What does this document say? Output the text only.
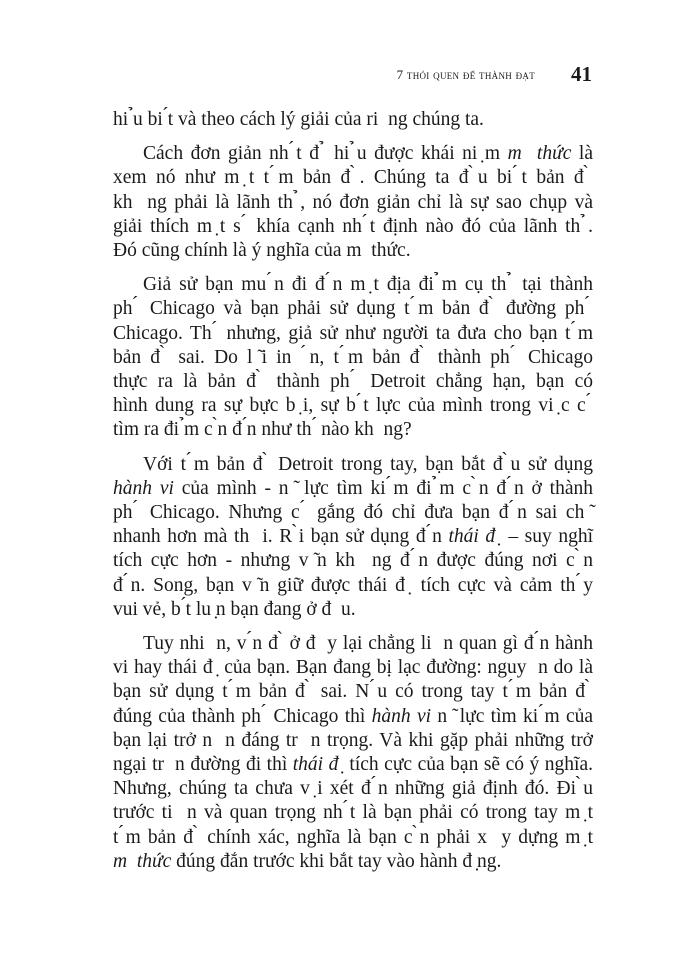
7 thói quen để thành đạt 41
hi ̉u bi ́t và theo cách lý giải của ri  ng chúng ta.
Cách đơn giản nh ́t đ ̉ hi ̉u được khái ni ̣m m  thức là
xem nó như m ̣t t ́m bản đ ̀. Chúng ta đ ̀u bi ́t bản đ ̀
kh  ng phải là lãnh th ̉, nó đơn giản chỉ là sự sao chụp và
giải thích m ̣t s ́ khía cạnh nh ́t định nào đó của lãnh th ̉.
Đó cũng chính là ý nghĩa của m  thức.
Giả sử bạn mu ́n đi đ ́n m ̣t địa đi ̉m cụ th ̉ tại thành
ph ́ Chicago và bạn phải sử dụng t ́m bản đ ̀ đường ph ́
Chicago. Th ́ nhưng, giả sử như người ta đưa cho bạn t ́m
bản đ ̀ sai. Do l ̃i in  ́n, t ́m bản đ ̀ thành ph ́ Chicago
thực ra là bản đ ̀ thành ph ́ Detroit chẳng hạn, bạn có
hình dung ra sự bực b ̣i, sự b ́t lực của mình trong vi ̣c c ́
tìm ra đi ̉m c ̀n đ ́n như th ́ nào kh  ng?
Với t ́m bản đ ̀ Detroit trong tay, bạn bắt đ ̀u sử dụng
hành vi của mình - n ̃ lực tìm ki ́m đi ̉m c ̀n đ ́n ở thành
ph ́ Chicago. Nhưng c ́ gắng đó chỉ đưa bạn đ ́n sai ch ̃
nhanh hơn mà th  i. R ̀i bạn sử dụng đ ́n thái đ ̣ – suy nghĩ
tích cực hơn - nhưng v ̃n kh  ng đ ́n được đúng nơi c ̀n
đ ́n. Song, bạn v ̃n giữ được thái đ ̣ tích cực và cảm th ́y
vui vẻ, b ́t lu ̣n bạn đang ở đ  u.
Tuy nhi  n, v ́n đ ̀ ở đ  y lại chẳng li  n quan gì đ ́n hành
vi hay thái đ ̣ của bạn. Bạn đang bị lạc đường: nguy  n do là
bạn sử dụng t ́m bản đ ̀ sai. N ́u có trong tay t ́m bản đ ̀
đúng của thành ph ́ Chicago thì hành vi n ̃ lực tìm ki ́m của
bạn lại trở n  n đáng tr  n trọng. Và khi gặp phải những trở
ngại tr  n đường đi thì thái đ ̣ tích cực của bạn sẽ có ý nghĩa.
Nhưng, chúng ta chưa v ̣i xét đ ́n những giả định đó. Đi ̀u
trước ti  n và quan trọng nh ́t là bạn phải có trong tay m ̣t
t ́m bản đ ̀ chính xác, nghĩa là bạn c ̀n phải x  y dựng m ̣t
m  thức đúng đắn trước khi bắt tay vào hành đ ̣ng.
